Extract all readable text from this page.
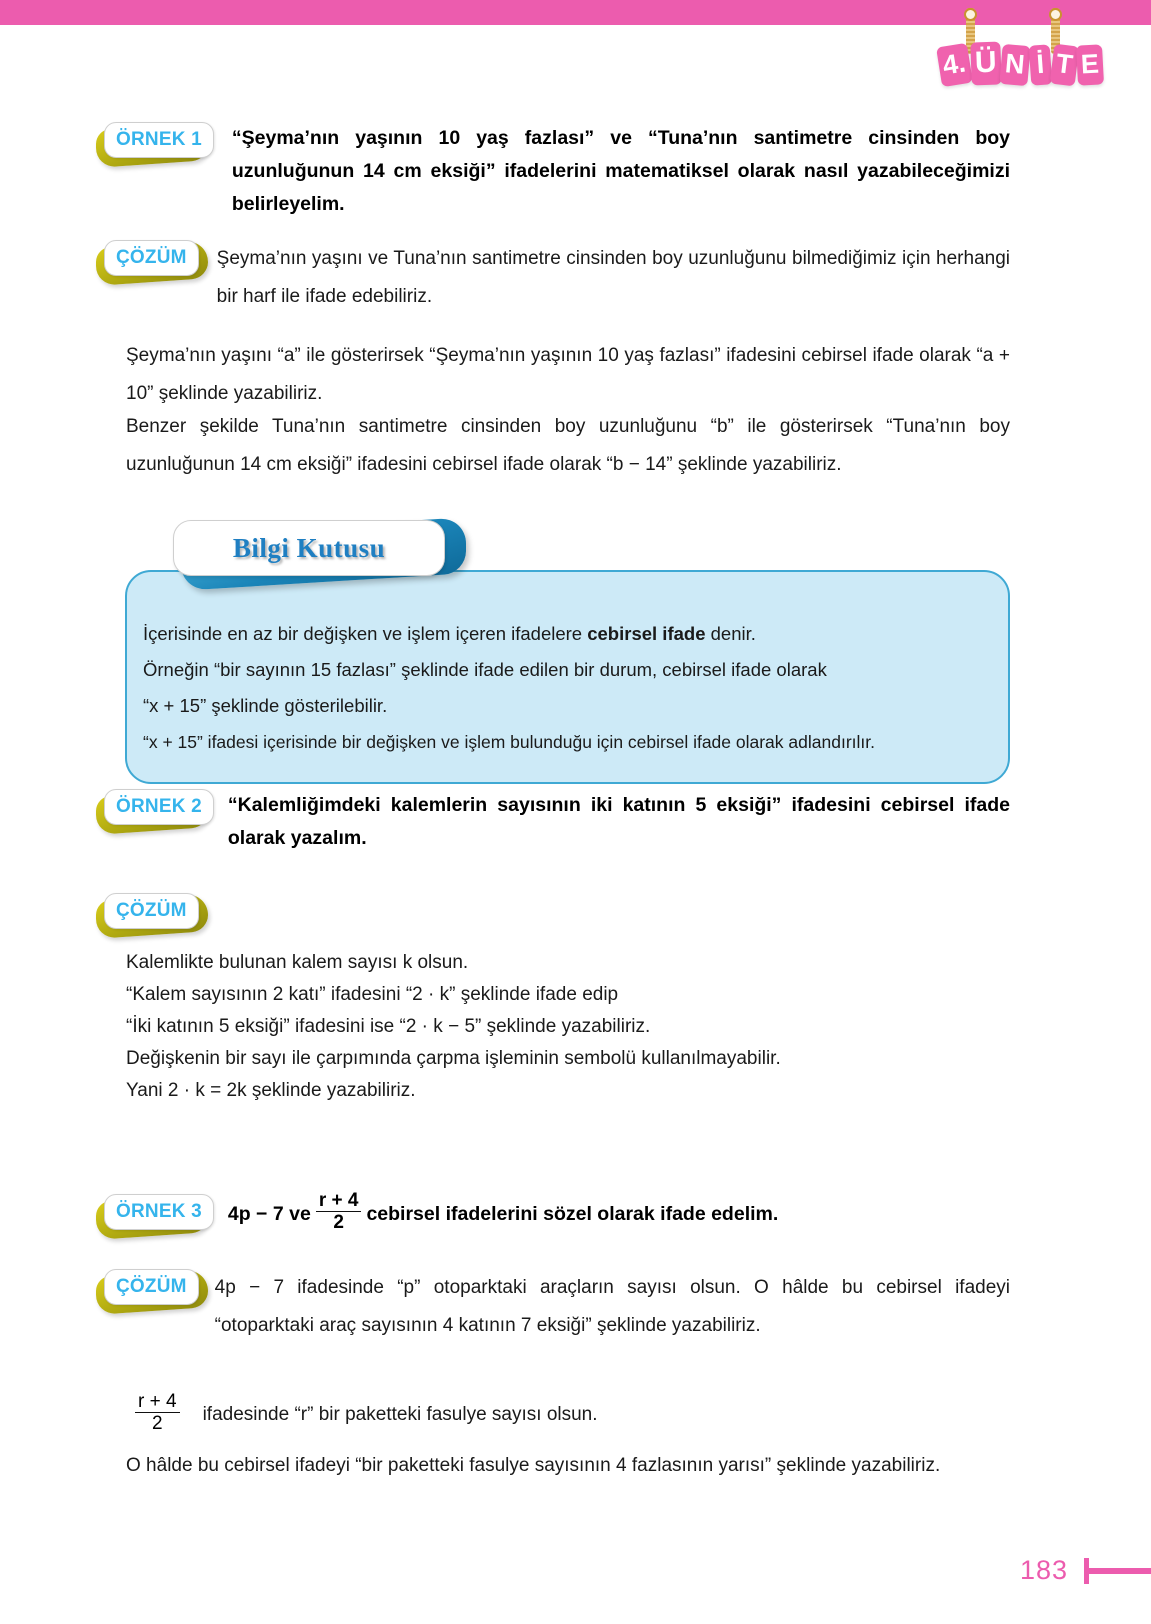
4. Ü N İ T E
ÖRNEK 1	“Şeyma’nın yaşının 10 yaş fazlası” ve “Tuna’nın santimetre cinsinden boy uzunluğunun 14 cm eksiği” ifadelerini matematiksel olarak nasıl yazabileceğimizi belirleyelim.
ÇÖZÜM	Şeyma’nın yaşını ve Tuna’nın santimetre cinsinden boy uzunluğunu bilmediğimiz için herhangi bir harf ile ifade edebiliriz.
Şeyma’nın yaşını “a” ile gösterirsek “Şeyma’nın yaşının 10 yaş fazlası” ifadesini cebirsel ifade olarak “a + 10” şeklinde yazabiliriz.
Benzer şekilde Tuna’nın santimetre cinsinden boy uzunluğunu “b” ile gösterirsek “Tuna’nın boy uzunluğunun 14 cm eksiği” ifadesini cebirsel ifade olarak “b − 14” şeklinde yazabiliriz.
Bilgi Kutusu
İçerisinde en az bir değişken ve işlem içeren ifadelere cebirsel ifade denir.
Örneğin “bir sayının 15 fazlası” şeklinde ifade edilen bir durum, cebirsel ifade olarak
“x + 15” şeklinde gösterilebilir.
“x + 15” ifadesi içerisinde bir değişken ve işlem bulunduğu için cebirsel ifade olarak adlandırılır.
ÖRNEK 2	“Kalemliğimdeki kalemlerin sayısının iki katının 5 eksiği” ifadesini cebirsel ifade olarak yazalım.
ÇÖZÜM
Kalemlikte bulunan kalem sayısı k olsun.
“Kalem sayısının 2 katı” ifadesini “2 · k” şeklinde ifade edip
“İki katının 5 eksiği” ifadesini ise “2 · k − 5” şeklinde yazabiliriz.
Değişkenin bir sayı ile çarpımında çarpma işleminin sembolü kullanılmayabilir.
Yani 2 · k = 2k şeklinde yazabiliriz.
ÖRNEK 3	4p − 7 ve $\frac{r + 4}{2}$ cebirsel ifadelerini sözel olarak ifade edelim.
ÇÖZÜM	4p − 7 ifadesinde “p” otoparktaki araçların sayısı olsun. O hâlde bu cebirsel ifadeyi “otoparktaki araç sayısının 4 katının 7 eksiği” şeklinde yazabiliriz.
$\frac{r + 4}{2}$	ifadesinde “r” bir paketteki fasulye sayısı olsun.
O hâlde bu cebirsel ifadeyi “bir paketteki fasulye sayısının 4 fazlasının yarısı” şeklinde yazabiliriz.
183
